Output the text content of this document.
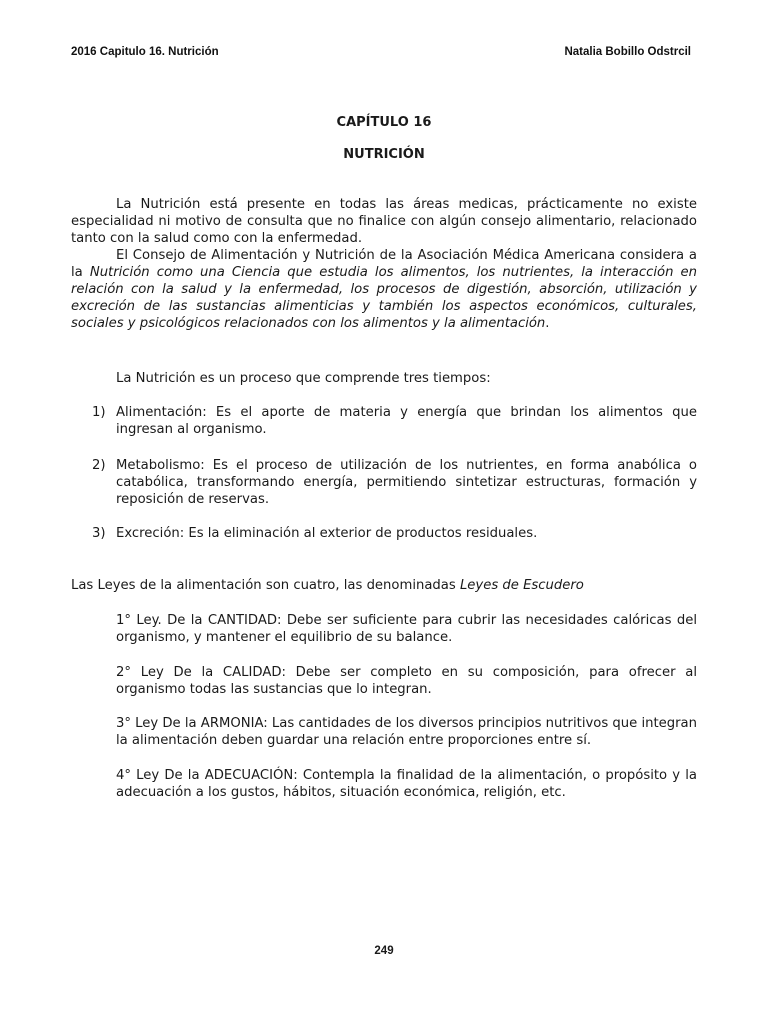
2016 Capitulo 16. Nutrición	Natalia Bobillo Odstrcil
CAPÍTULO 16
NUTRICIÓN
La Nutrición está presente en todas las áreas medicas, prácticamente no existe especialidad ni motivo de consulta que no finalice con algún consejo alimentario, relacionado tanto con la salud como con la enfermedad.
El Consejo de Alimentación y Nutrición de la Asociación Médica Americana considera a la Nutrición como una Ciencia que estudia los alimentos, los nutrientes, la interacción en relación con la salud y la enfermedad, los procesos de digestión, absorción, utilización y excreción de las sustancias alimenticias y también los aspectos económicos, culturales, sociales y psicológicos relacionados con los alimentos y la alimentación.
La Nutrición es un proceso que comprende tres tiempos:
1) Alimentación: Es el aporte de materia y energía que brindan los alimentos que ingresan al organismo.
2) Metabolismo: Es el proceso de utilización de los nutrientes, en forma anabólica o catabólica, transformando energía, permitiendo sintetizar estructuras, formación y reposición de reservas.
3) Excreción: Es la eliminación al exterior de productos residuales.
Las Leyes de la alimentación son cuatro, las denominadas Leyes de Escudero
1° Ley. De la CANTIDAD: Debe ser suficiente para cubrir las necesidades calóricas del organismo, y mantener el equilibrio de su balance.
2° Ley De la CALIDAD: Debe ser completo en su composición, para ofrecer al organismo todas las sustancias que lo integran.
3° Ley De la ARMONIA: Las cantidades de los diversos principios nutritivos que integran la alimentación deben guardar una relación entre proporciones entre sí.
4° Ley De la ADECUACIÓN: Contempla la finalidad de la alimentación, o propósito y la adecuación a los gustos, hábitos, situación económica, religión, etc.
249
